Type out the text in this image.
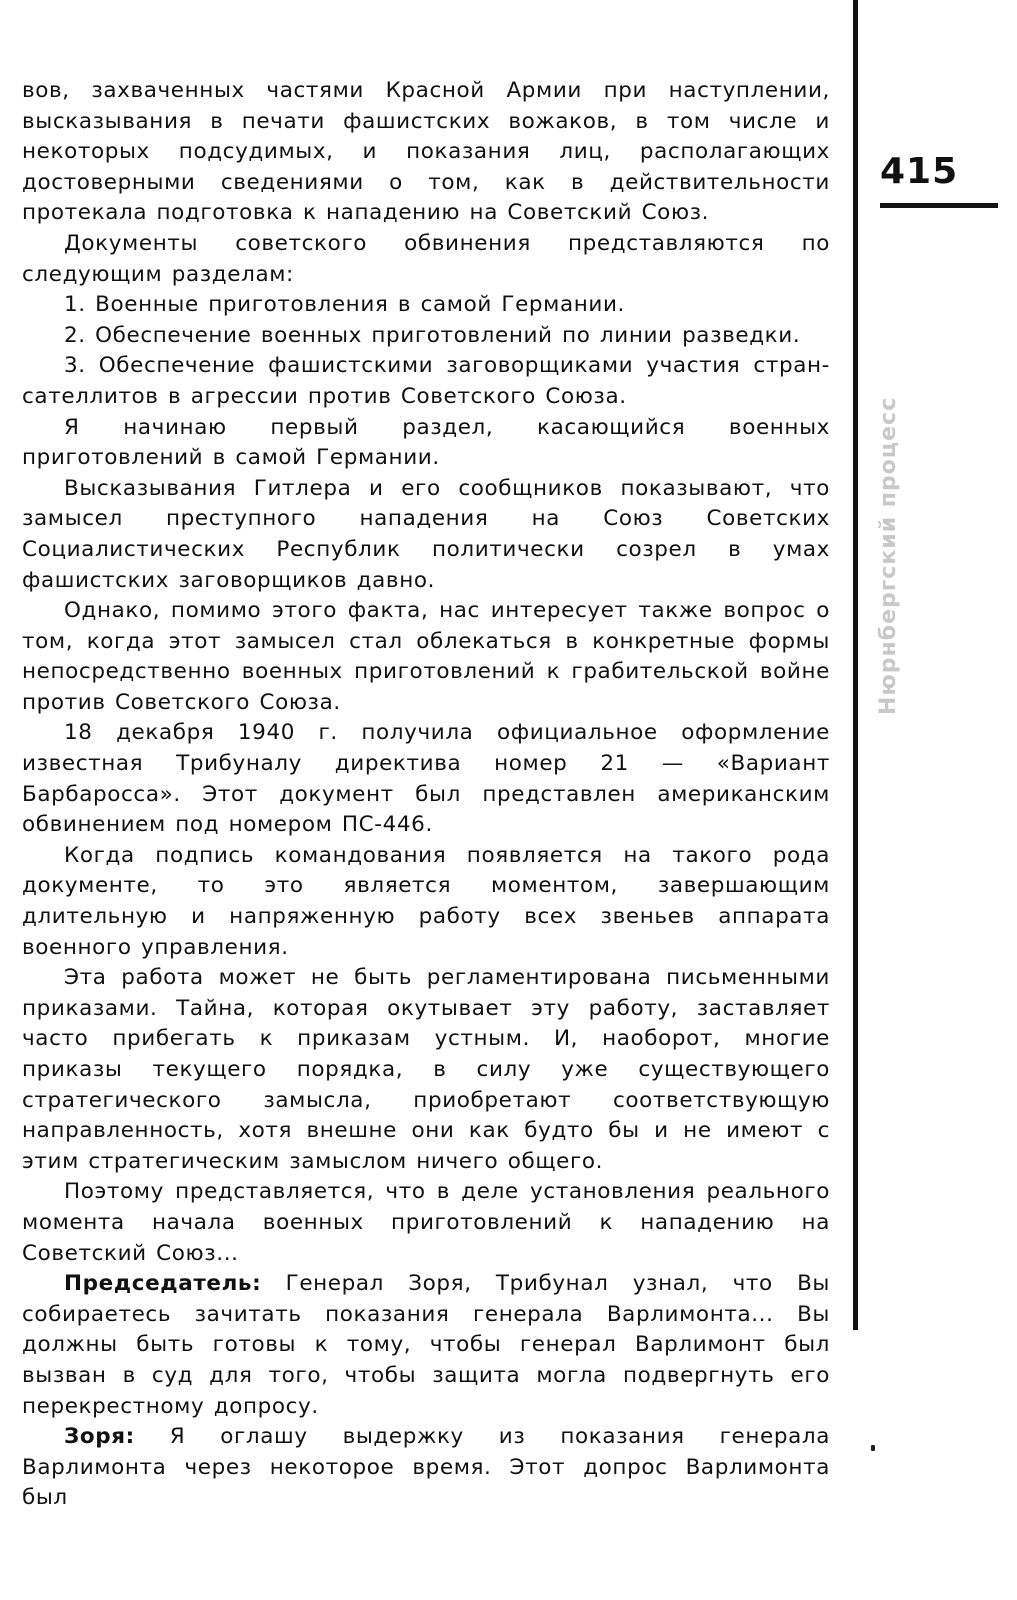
415
Нюрнбергский процесс

вов, захваченных частями Красной Армии при наступлении, высказывания в печати фашистских вожаков, в том числе и некоторых подсудимых, и показания лиц, располагающих достоверными сведениями о том, как в действительности протекала подготовка к нападению на Советский Союз.

Документы советского обвинения представляются по следующим разделам:

1. Военные приготовления в самой Германии.

2. Обеспечение военных приготовлений по линии разведки.

3. Обеспечение фашистскими заговорщиками участия стран-сателлитов в агрессии против Советского Союза.

Я начинаю первый раздел, касающийся военных приготовлений в самой Германии.

Высказывания Гитлера и его сообщников показывают, что замысел преступного нападения на Союз Советских Социалистических Республик политически созрел в умах фашистских заговорщиков давно.

Однако, помимо этого факта, нас интересует также вопрос о том, когда этот замысел стал облекаться в конкретные формы непосредственно военных приготовлений к грабительской войне против Советского Союза.

18 декабря 1940 г. получила официальное оформление известная Трибуналу директива номер 21 — «Вариант Барбаросса». Этот документ был представлен американским обвинением под номером ПС-446.

Когда подпись командования появляется на такого рода документе, то это является моментом, завершающим длительную и напряженную работу всех звеньев аппарата военного управления.

Эта работа может не быть регламентирована письменными приказами. Тайна, которая окутывает эту работу, заставляет часто прибегать к приказам устным. И, наоборот, многие приказы текущего порядка, в силу уже существующего стратегического замысла, приобретают соответствующую направленность, хотя внешне они как будто бы и не имеют с этим стратегическим замыслом ничего общего.

Поэтому представляется, что в деле установления реального момента начала военных приготовлений к нападению на Советский Союз...

Председатель: Генерал Зоря, Трибунал узнал, что Вы собираетесь зачитать показания генерала Варлимонта... Вы должны быть готовы к тому, чтобы генерал Варлимонт был вызван в суд для того, чтобы защита могла подвергнуть его перекрестному допросу.

Зоря: Я оглашу выдержку из показания генерала Варлимонта через некоторое время. Этот допрос Варлимонта был
